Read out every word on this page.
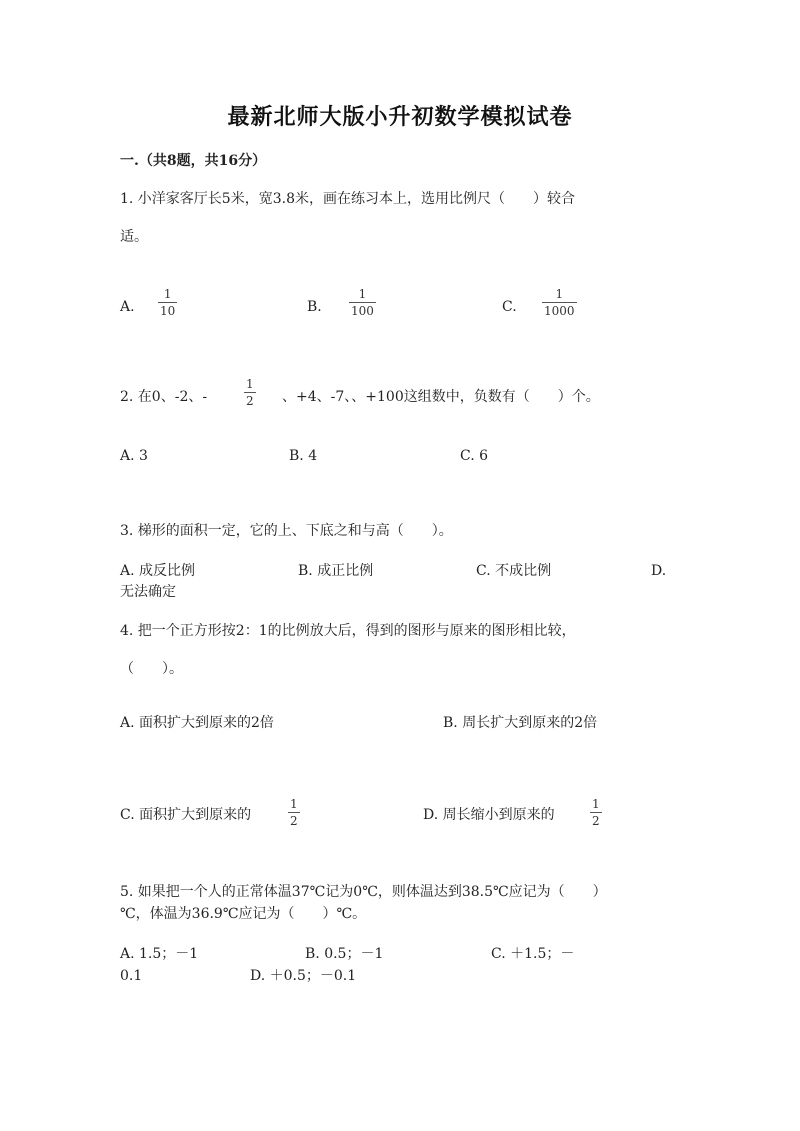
最新北师大版小升初数学模拟试卷
一.（共8题，共16分）
1. 小洋家客厅长5米，宽3.8米，画在练习本上，选用比例尺（　　）较合
适。
A.
1
10	B.
1
100	C.
1
1000
2. 在0、-2、-
1
2 、+4、-7、、+100这组数中，负数有（　　）个。
A. 3	B. 4	C. 6
3. 梯形的面积一定，它的上、下底之和与高（　　）。
A. 成反比例	B. 成正比例	C. 不成比例	D.
无法确定
4. 把一个正方形按2：1的比例放大后，得到的图形与原来的图形相比较，
（　　）。
A. 面积扩大到原来的2倍	B. 周长扩大到原来的2倍
C. 面积扩大到原来的
1
2	D. 周长缩小到原来的
1
2
5. 如果把一个人的正常体温37℃记为0℃，则体温达到38.5℃应记为（　　）
℃，体温为36.9℃应记为（　　）℃。
A. 1.5；－1	B. 0.5；－1	C. ＋1.5；－
0.1	D. ＋0.5；－0.1
